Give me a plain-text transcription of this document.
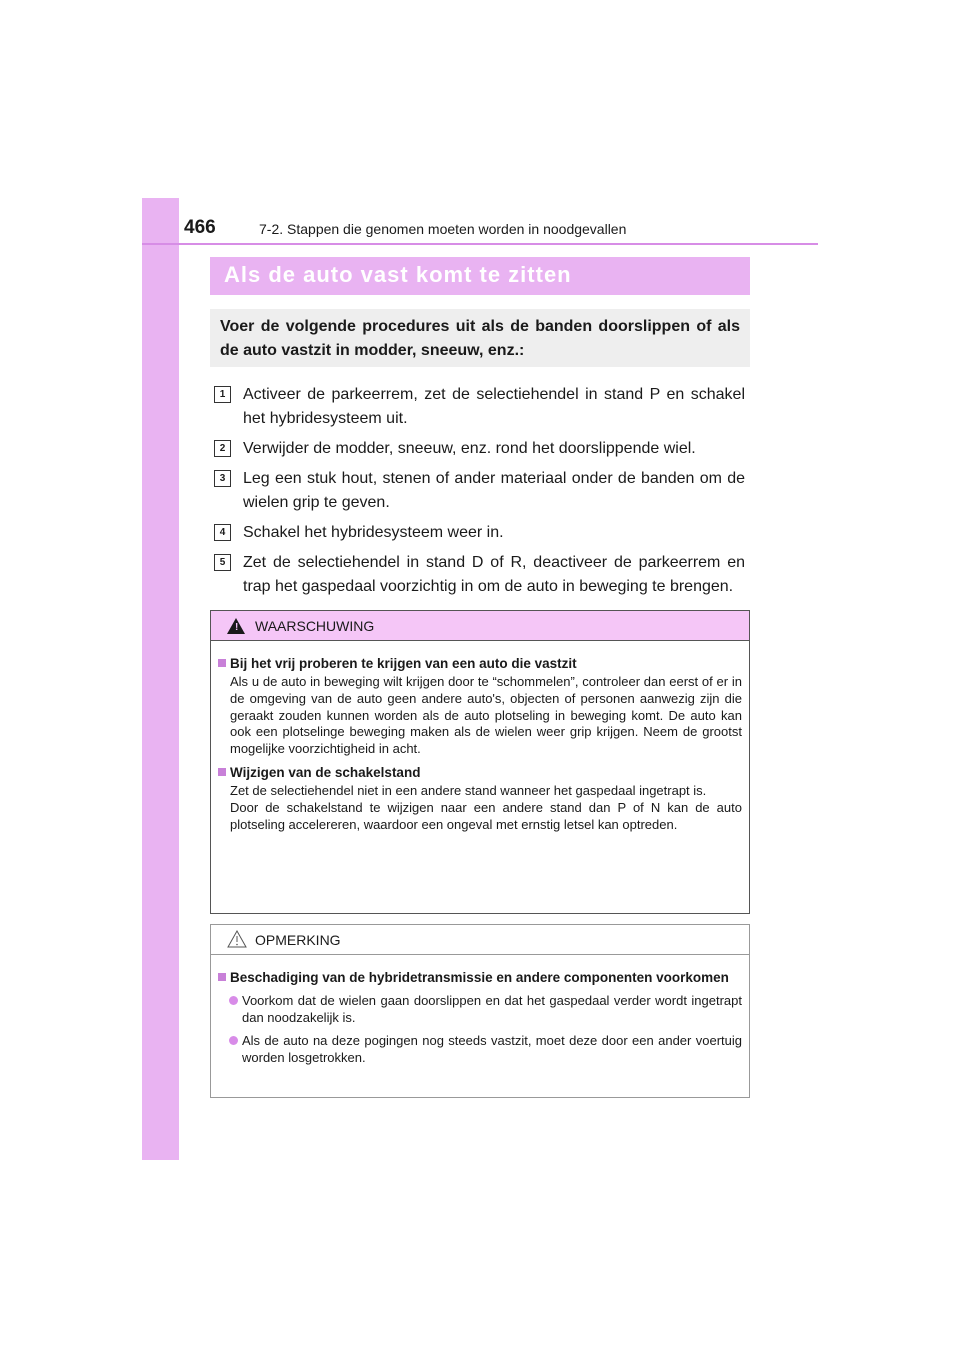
466	7-2. Stappen die genomen moeten worden in noodgevallen
Als de auto vast komt te zitten
Voer de volgende procedures uit als de banden doorslippen of als de auto vastzit in modder, sneeuw, enz.:
1	Activeer de parkeerrem, zet de selectiehendel in stand P en schakel het hybridesysteem uit.
2	Verwijder de modder, sneeuw, enz. rond het doorslippende wiel.
3	Leg een stuk hout, stenen of ander materiaal onder de banden om de wielen grip te geven.
4	Schakel het hybridesysteem weer in.
5	Zet de selectiehendel in stand D of R, deactiveer de parkeerrem en trap het gaspedaal voorzichtig in om de auto in beweging te brengen.
! WAARSCHUWING
Bij het vrij proberen te krijgen van een auto die vastzit
Als u de auto in beweging wilt krijgen door te “schommelen”, controleer dan eerst of er in de omgeving van de auto geen andere auto's, objecten of personen aanwezig zijn die geraakt zouden kunnen worden als de auto plotseling in beweging komt. De auto kan ook een plotselinge beweging maken als de wielen weer grip krijgen. Neem de grootst mogelijke voorzichtigheid in acht.
Wijzigen van de schakelstand
Zet de selectiehendel niet in een andere stand wanneer het gaspedaal ingetrapt is.
Door de schakelstand te wijzigen naar een andere stand dan P of N kan de auto plotseling accelereren, waardoor een ongeval met ernstig letsel kan optreden.
OPMERKING
Beschadiging van de hybridetransmissie en andere componenten voorkomen
Voorkom dat de wielen gaan doorslippen en dat het gaspedaal verder wordt ingetrapt dan noodzakelijk is.
Als de auto na deze pogingen nog steeds vastzit, moet deze door een ander voertuig worden losgetrokken.
